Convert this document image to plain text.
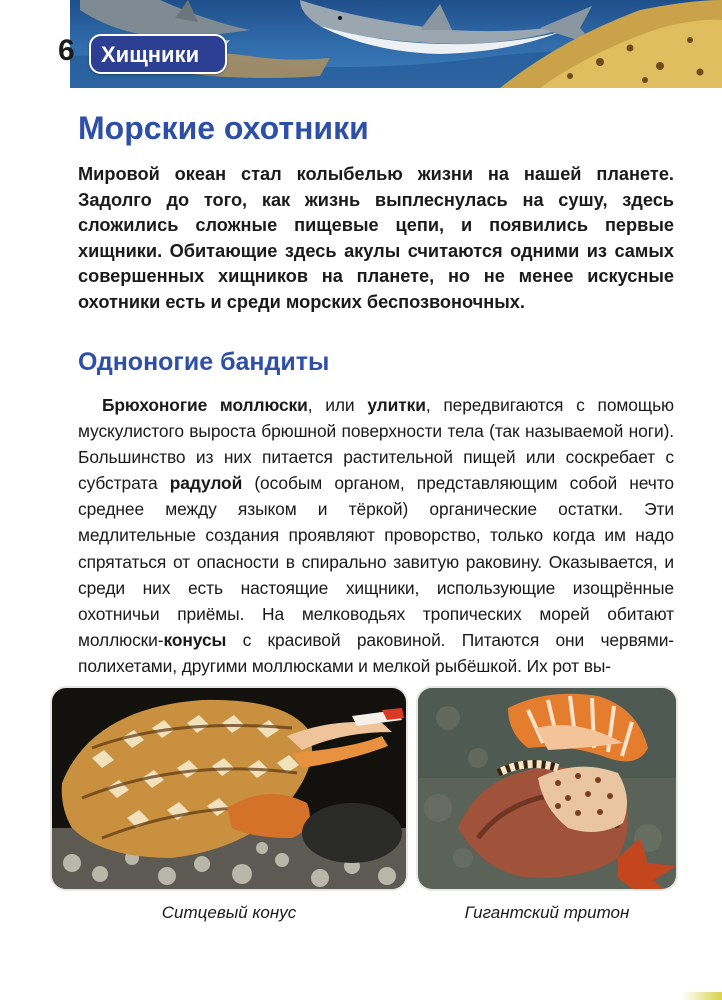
6	Хищники
Морские охотники

Мировой океан стал колыбелью жизни на нашей планете. Задолго до того, как жизнь выплеснулась на сушу, здесь сложились сложные пищевые цепи, и появились первые хищники. Обитающие здесь акулы считаются одними из самых совершенных хищников на планете, но не менее искусные охотники есть и среди морских беспозвоночных.

Одноногие бандиты

Брюхоногие моллюски, или улитки, передвигаются с помощью мускулистого выроста брюшной поверхности тела (так называемой ноги). Большинство из них питается растительной пищей или соскребает с субстрата радулой (особым органом, представляющим собой нечто среднее между языком и тёркой) органические остатки. Эти медлительные создания проявляют проворство, только когда им надо спрятаться от опасности в спирально завитую раковину. Оказывается, и среди них есть настоящие хищники, использующие изощрённые охотничьи приёмы. На мелководьях тропических морей обитают моллюски-конусы с красивой раковиной. Питаются они червями-полихетами, другими моллюсками и мелкой рыбёшкой. Их рот вы-

Ситцевый конус	Гигантский тритон
